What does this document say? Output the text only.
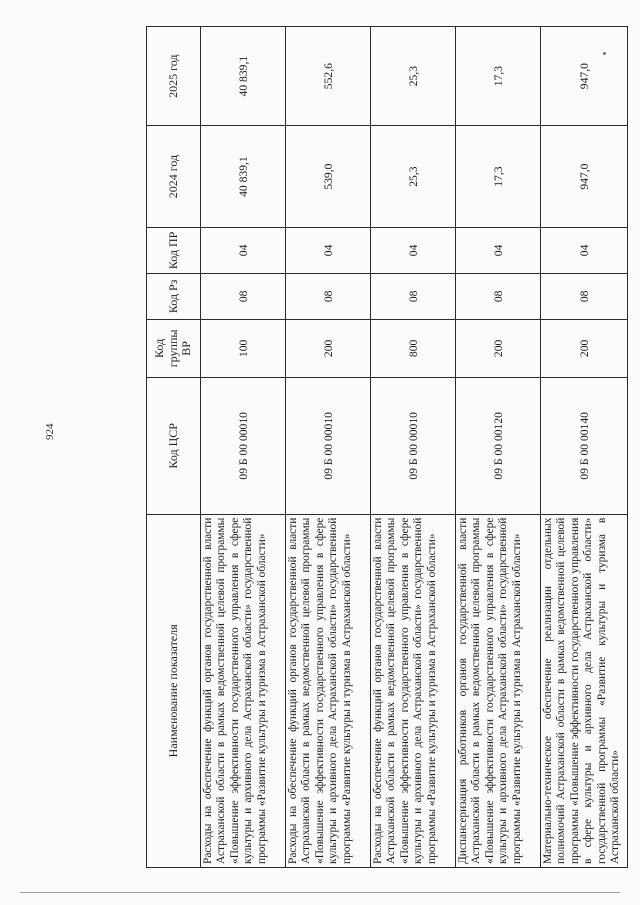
924
Наименование показателя	Код ЦСР	Код группы ВР	Код Рз	Код ПР	2024 год	2025 год
Расходы на обеспечение функций органов государственной власти Астраханской области в рамках ведомственной целевой программы «Повышение эффективности государственного управления в сфере культуры и архивного дела Астраханской области» государственной программы «Развитие культуры и туризма в Астраханской области»	09 Б 00 00010	100	08	04	40 839,1	40 839,1
Расходы на обеспечение функций органов государственной власти Астраханской области в рамках ведомственной целевой программы «Повышение эффективности государственного управления в сфере культуры и архивного дела Астраханской области» государственной программы «Развитие культуры и туризма в Астраханской области»	09 Б 00 00010	200	08	04	539,0	552,6
Расходы на обеспечение функций органов государственной власти Астраханской области в рамках ведомственной целевой программы «Повышение эффективности государственного управления в сфере культуры и архивного дела Астраханской области» государственной программы «Развитие культуры и туризма в Астраханской области»	09 Б 00 00010	800	08	04	25,3	25,3
Диспансеризация работников органов государственной власти Астраханской области в рамках ведомственной целевой программы «Повышение эффективности государственного управления в сфере культуры и архивного дела Астраханской области» государственной программы «Развитие культуры и туризма в Астраханской области»	09 Б 00 00120	200	08	04	17,3	17,3
Материально-техническое обеспечение реализации отдельных полномочий Астраханской области в рамках ведомственной целевой программы «Повышение эффективности государственного управления в сфере культуры и архивного дела Астраханской области» государственной программы «Развитие культуры и туризма в Астраханской области»	09 Б 00 00140	200	08	04	947,0	947,0
